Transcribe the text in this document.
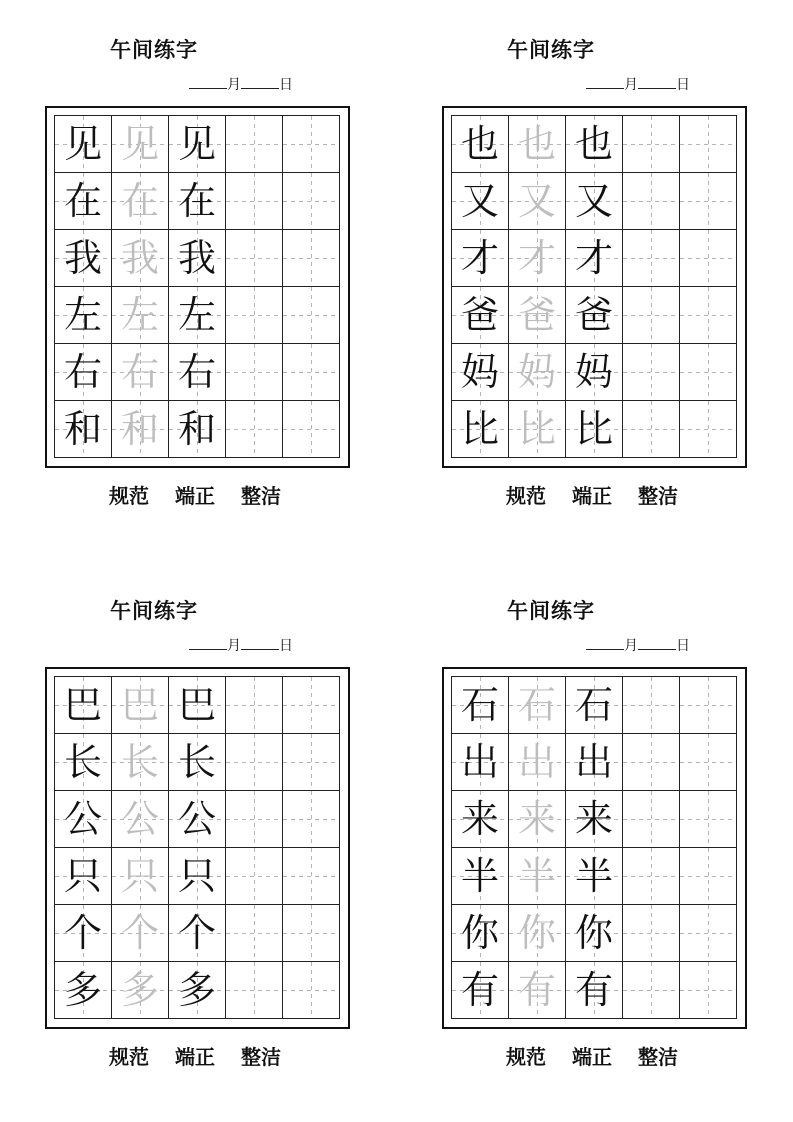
午间练字
月	日
见 见 见
在 在 在
我 我 我
左 左 左
右 右 右
和 和 和
规范 端正 整洁
午间练字
月	日
也 也 也
又 又 又
才 才 才
爸 爸 爸
妈 妈 妈
比 比 比
规范 端正 整洁
午间练字
月	日
巴 巴 巴
长 长 长
公 公 公
只 只 只
个 个 个
多 多 多
规范 端正 整洁
午间练字
月	日
石 石 石
出 出 出
来 来 来
半 半 半
你 你 你
有 有 有
规范 端正 整洁
